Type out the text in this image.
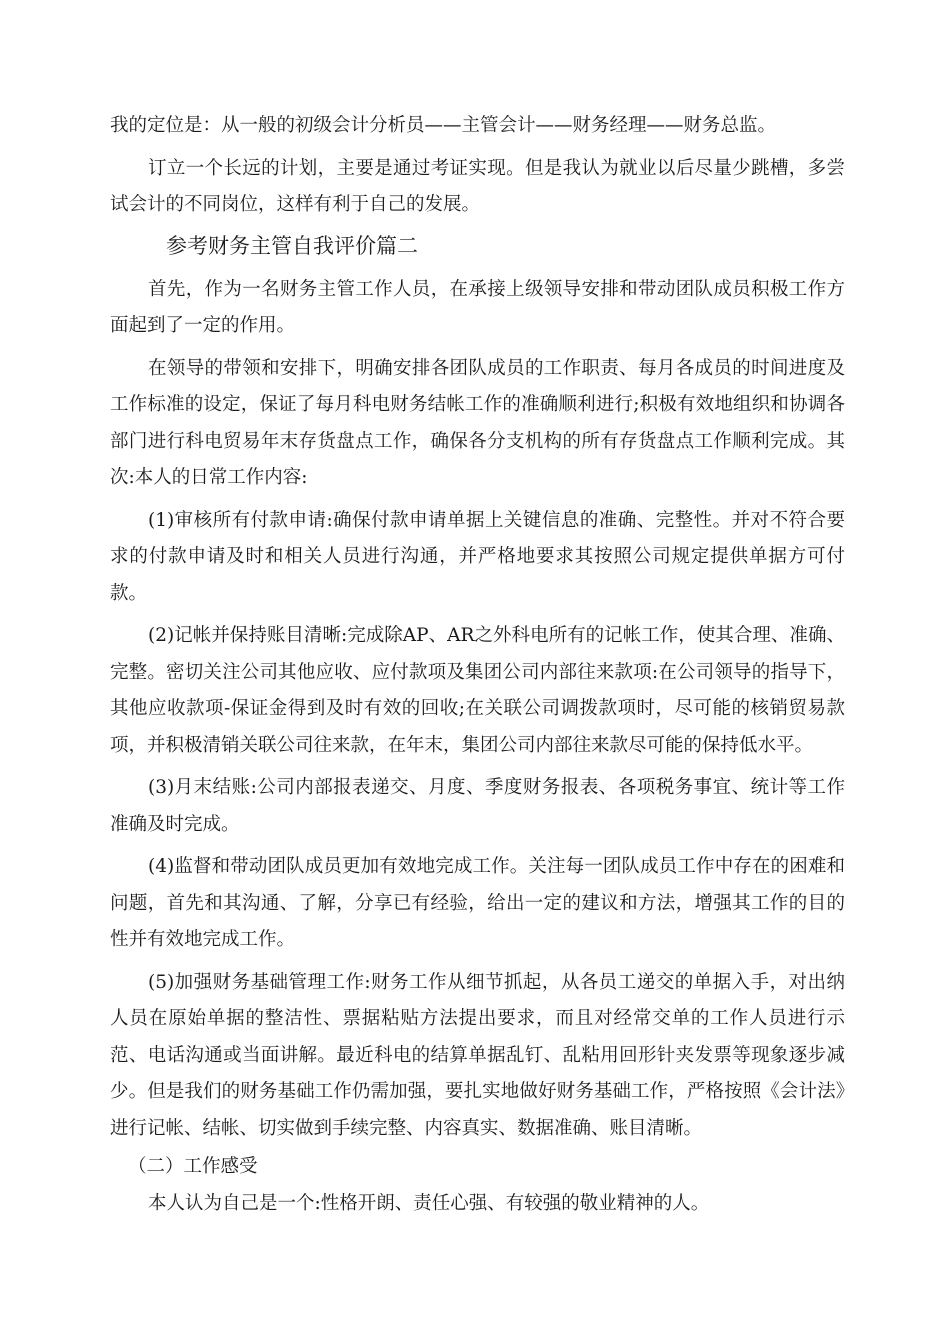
我的定位是：从一般的初级会计分析员——主管会计——财务经理——财务总监。

订立一个长远的计划，主要是通过考证实现。但是我认为就业以后尽量少跳槽，多尝试会计的不同岗位，这样有利于自己的发展。

参考财务主管自我评价篇二

首先，作为一名财务主管工作人员，在承接上级领导安排和带动团队成员积极工作方面起到了一定的作用。

在领导的带领和安排下，明确安排各团队成员的工作职责、每月各成员的时间进度及工作标准的设定，保证了每月科电财务结帐工作的准确顺利进行;积极有效地组织和协调各部门进行科电贸易年末存货盘点工作，确保各分支机构的所有存货盘点工作顺利完成。其次:本人的日常工作内容:

(1)审核所有付款申请:确保付款申请单据上关键信息的准确、完整性。并对不符合要求的付款申请及时和相关人员进行沟通，并严格地要求其按照公司规定提供单据方可付款。

(2)记帐并保持账目清晰:完成除AP、AR之外科电所有的记帐工作，使其合理、准确、完整。密切关注公司其他应收、应付款项及集团公司内部往来款项:在公司领导的指导下，其他应收款项-保证金得到及时有效的回收;在关联公司调拨款项时，尽可能的核销贸易款项，并积极清销关联公司往来款，在年末，集团公司内部往来款尽可能的保持低水平。

(3)月末结账:公司内部报表递交、月度、季度财务报表、各项税务事宜、统计等工作准确及时完成。

(4)监督和带动团队成员更加有效地完成工作。关注每一团队成员工作中存在的困难和问题，首先和其沟通、了解，分享已有经验，给出一定的建议和方法，增强其工作的目的性并有效地完成工作。

(5)加强财务基础管理工作:财务工作从细节抓起，从各员工递交的单据入手，对出纳人员在原始单据的整洁性、票据粘贴方法提出要求，而且对经常交单的工作人员进行示范、电话沟通或当面讲解。最近科电的结算单据乱钉、乱粘用回形针夹发票等现象逐步减少。但是我们的财务基础工作仍需加强，要扎实地做好财务基础工作，严格按照《会计法》进行记帐、结帐、切实做到手续完整、内容真实、数据准确、账目清晰。

（二）工作感受

本人认为自己是一个:性格开朗、责任心强、有较强的敬业精神的人。
